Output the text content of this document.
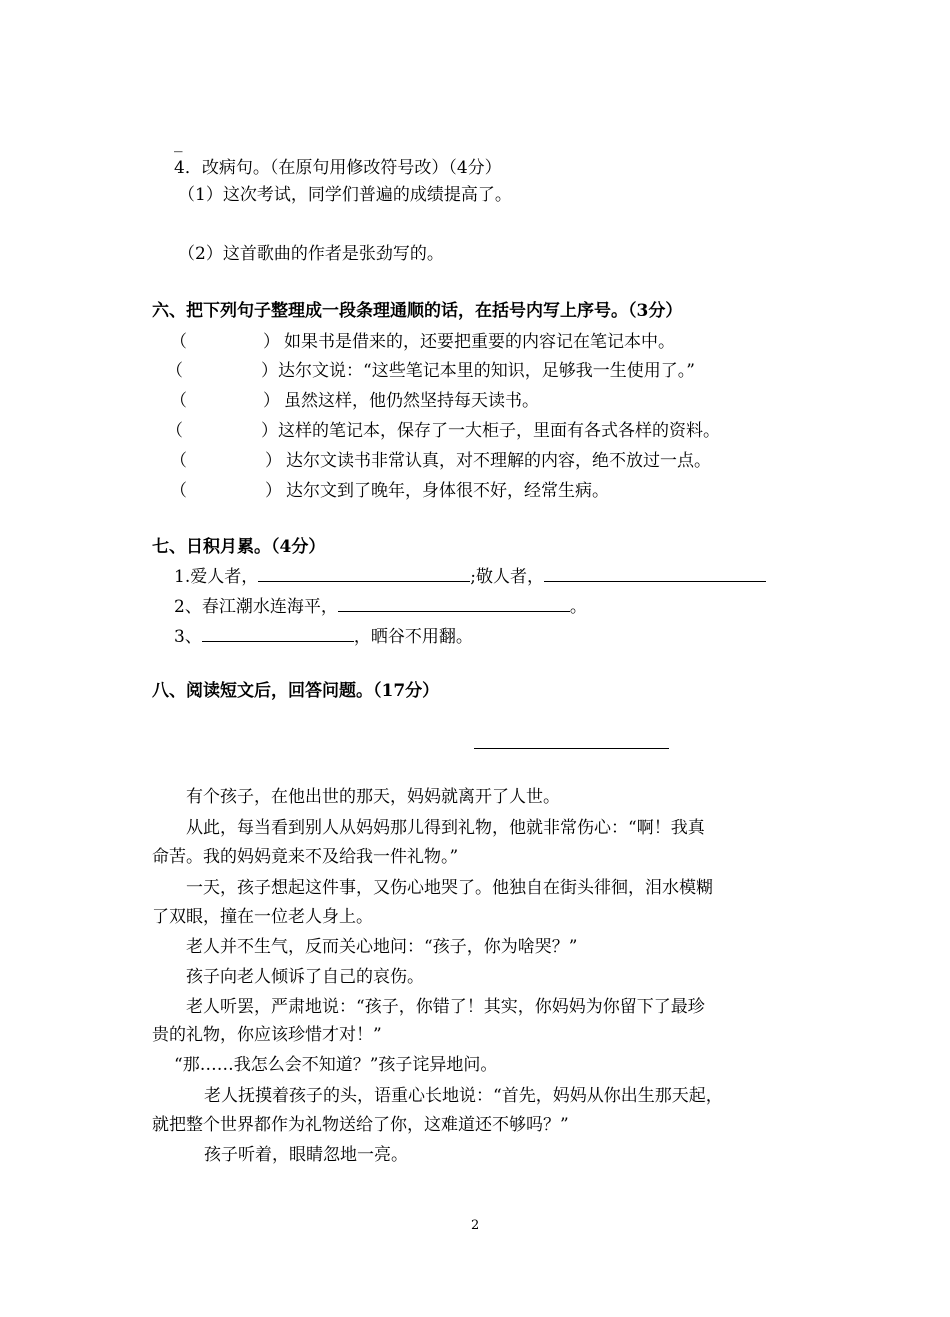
_
4．改病句。（在原句用修改符号改）（4分）
（1）这次考试，同学们普遍的成绩提高了。
（2）这首歌曲的作者是张劲写的。
六、把下列句子整理成一段条理通顺的话，在括号内写上序号。（3分）
（	） 如果书是借来的，还要把重要的内容记在笔记本中。
（	）达尔文说：“这些笔记本里的知识，足够我一生使用了。”
（	） 虽然这样，他仍然坚持每天读书。
（	）这样的笔记本，保存了一大柜子，里面有各式各样的资料。
（	） 达尔文读书非常认真，对不理解的内容，绝不放过一点。
（	） 达尔文到了晚年，身体很不好，经常生病。
七、日积月累。（4分）
1.爱人者，	;敬人者，
2、春江潮水连海平，	。
3、	，晒谷不用翻。
八、阅读短文后，回答问题。（17分）
有个孩子，在他出世的那天，妈妈就离开了人世。
从此，每当看到别人从妈妈那儿得到礼物，他就非常伤心：“啊！我真
命苦。我的妈妈竟来不及给我一件礼物。”
一天，孩子想起这件事，又伤心地哭了。他独自在街头徘徊，泪水模糊
了双眼，撞在一位老人身上。
老人并不生气，反而关心地问：“孩子，你为啥哭？”
孩子向老人倾诉了自己的哀伤。
老人听罢，严肃地说：“孩子，你错了！其实，你妈妈为你留下了最珍
贵的礼物，你应该珍惜才对！”
“那……我怎么会不知道？”孩子诧异地问。
老人抚摸着孩子的头，语重心长地说：“首先，妈妈从你出生那天起，
就把整个世界都作为礼物送给了你，这难道还不够吗？”
孩子听着，眼睛忽地一亮。
2
